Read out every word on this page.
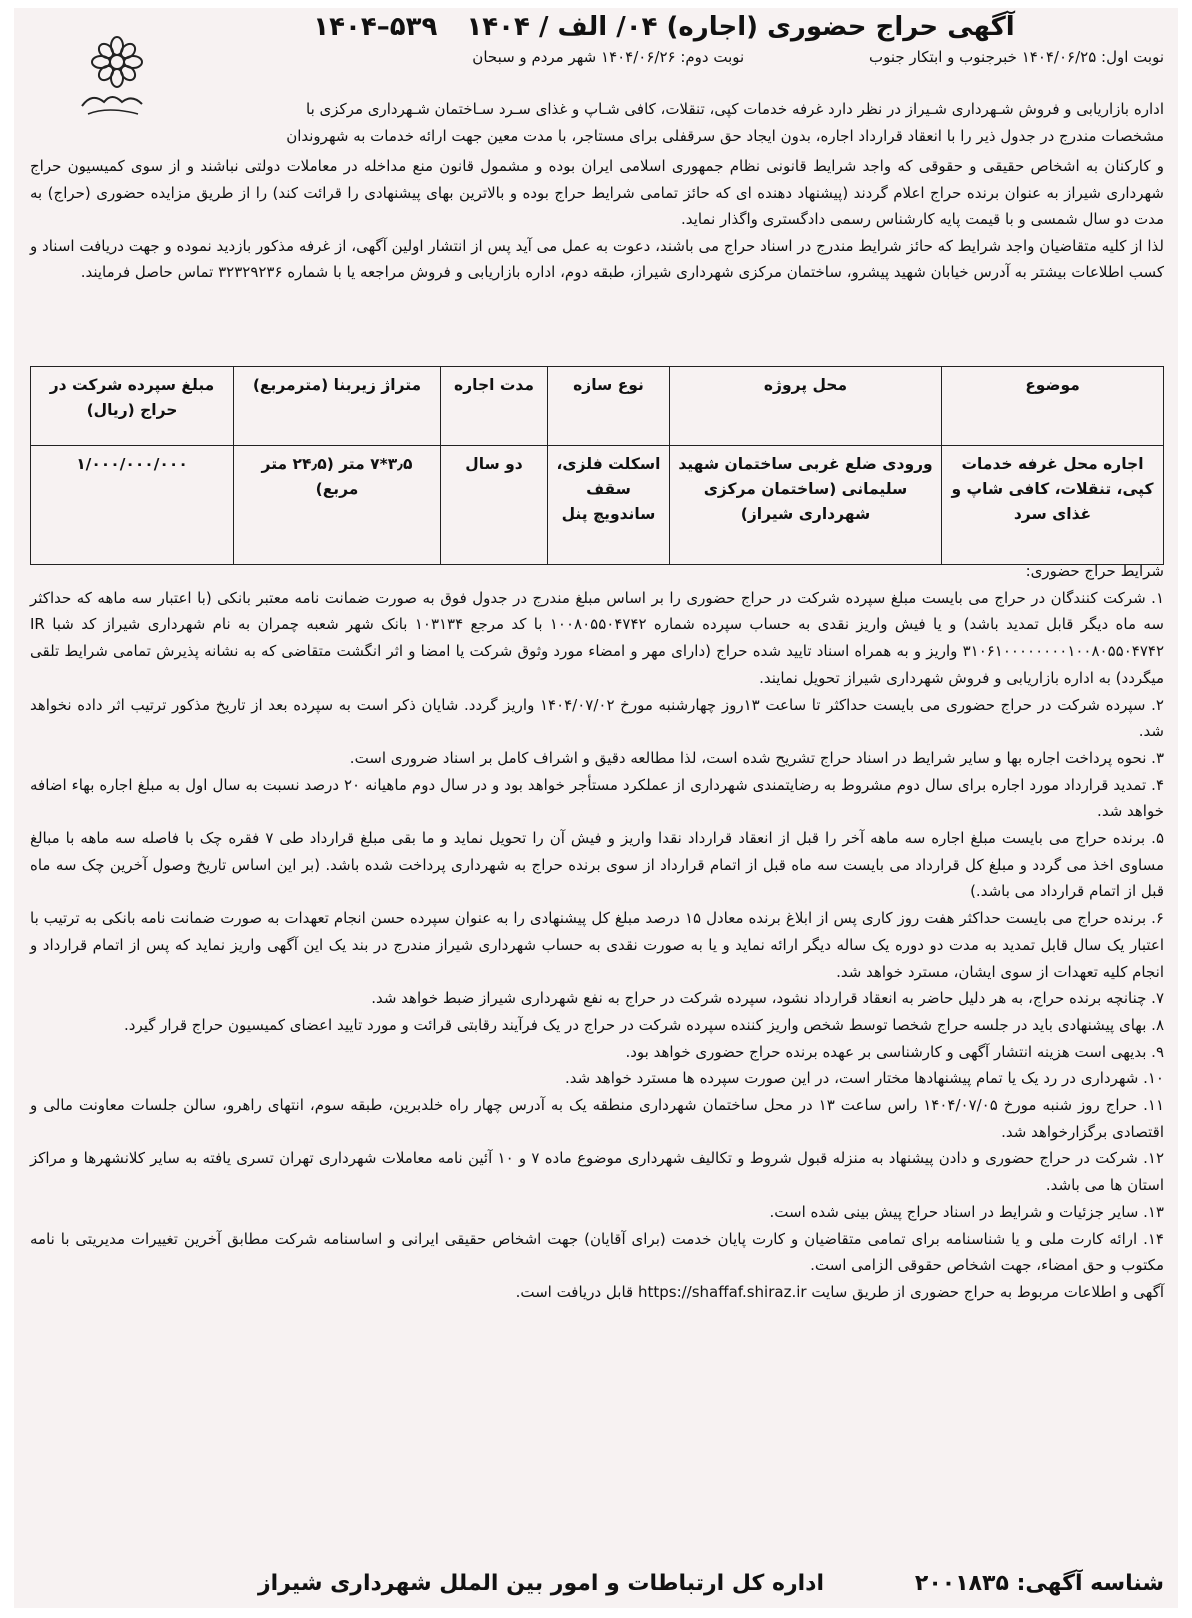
آگهی حراج حضوری (اجاره) ۰۴/ الف / ۱۴۰۴ ۵۳۹–۱۴۰۴
نوبت اول: ۱۴۰۴/۰۶/۲۵ خبرجنوب و ابتکار جنوب نوبت دوم: ۱۴۰۴/۰۶/۲۶ شهر مردم و سبحان

اداره بازاریابی و فروش شـهرداری شـیراز در نظر دارد غرفه خدمات کپی، تنقلات، کافی شـاپ و غذای سـرد سـاختمان شـهرداری مرکزی با

مشخصات مندرج در جدول ذیر را با انعقاد قرارداد اجاره، بدون ایجاد حق سرقفلی برای مستاجر، با مدت معین جهت ارائه خدمات به شهروندان

و کارکنان به اشخاص حقیقی و حقوقی که واجد شرایط قانونی نظام جمهوری اسلامی ایران بوده و مشمول قانون منع مداخله در معاملات دولتی نباشند و از سوی کمیسیون حراج شهرداری شیراز به عنوان برنده حراج اعلام گردند (پیشنهاد دهنده ای که حائز تمامی شرایط حراج بوده و بالاترین بهای پیشنهادی را قرائت کند) را از طریق مزایده حضوری (حراج) به مدت دو سال شمسی و با قیمت پایه کارشناس رسمی دادگستری واگذار نماید.

لذا از کلیه متقاضیان واجد شرایط که حائز شرایط مندرج در اسناد حراج می باشند، دعوت به عمل می آید پس از انتشار اولین آگهی، از غرفه مذکور بازدید نموده و جهت دریافت اسناد و کسب اطلاعات بیشتر به آدرس خیابان شهید پیشرو، ساختمان مرکزی شهرداری شیراز، طبقه دوم، اداره بازاریابی و فروش مراجعه یا با شماره ۳۲۳۲۹۲۳۶ تماس حاصل فرمایند.

موضوع	محل پروژه	نوع سازه	مدت اجاره	متراژ زیربنا (مترمربع)	مبلغ سپرده شرکت در حراج (ریال)
اجاره محل غرفه خدمات کپی، تنقلات، کافی شاپ و غذای سرد	ورودی ضلع غربی ساختمان شهید سلیمانی (ساختمان مرکزی شهرداری شیراز)	اسکلت فلزی، سقف ساندویچ پنل	دو سال	۳٫۵*۷ متر (۲۴٫۵ متر مربع)	۱/۰۰۰/۰۰۰/۰۰۰

شرایط حراج حضوری:

۱. شرکت کنندگان در حراج می بایست مبلغ سپرده شرکت در حراج حضوری را بر اساس مبلغ مندرج در جدول فوق به صورت ضمانت نامه معتبر بانکی (با اعتبار سه ماهه که حداکثر سه ماه دیگر قابل تمدید باشد) و یا فیش واریز نقدی به حساب سپرده شماره ۱۰۰۸۰۵۵۰۴۷۴۲ با کد مرجع ۱۰۳۱۳۴ بانک شهر شعبه چمران به نام شهرداری شیراز کد شبا IR ۳۱۰۶۱۰۰۰۰۰۰۰۰۱۰۰۸۰۵۵۰۴۷۴۲ واریز و به همراه اسناد تایید شده حراج (دارای مهر و امضاء مورد وثوق شرکت یا امضا و اثر انگشت متقاضی که به نشانه پذیرش تمامی شرایط تلقی میگردد) به اداره بازاریابی و فروش شهرداری شیراز تحویل نمایند.

۲. سپرده شرکت در حراج حضوری می بایست حداکثر تا ساعت ۱۳روز چهارشنبه مورخ ۱۴۰۴/۰۷/۰۲ واریز گردد. شایان ذکر است به سپرده بعد از تاریخ مذکور ترتیب اثر داده نخواهد شد.

۳. نحوه پرداخت اجاره بها و سایر شرایط در اسناد حراج تشریح شده است، لذا مطالعه دقیق و اشراف کامل بر اسناد ضروری است.

۴. تمدید قرارداد مورد اجاره برای سال دوم مشروط به رضایتمندی شهرداری از عملکرد مستأجر خواهد بود و در سال دوم ماهیانه ۲۰ درصد نسبت به سال اول به مبلغ اجاره بهاء اضافه خواهد شد.

۵. برنده حراج می بایست مبلغ اجاره سه ماهه آخر را قبل از انعقاد قرارداد نقدا واریز و فیش آن را تحویل نماید و ما بقی مبلغ قرارداد طی ۷ فقره چک با فاصله سه ماهه با مبالغ مساوی اخذ می گردد و مبلغ کل قرارداد می بایست سه ماه قبل از اتمام قرارداد از سوی برنده حراج به شهرداری پرداخت شده باشد. (بر این اساس تاریخ وصول آخرین چک سه ماه قبل از اتمام قرارداد می باشد.)

۶. برنده حراج می بایست حداکثر هفت روز کاری پس از ابلاغ برنده معادل ۱۵ درصد مبلغ کل پیشنهادی را به عنوان سپرده حسن انجام تعهدات به صورت ضمانت نامه بانکی به ترتیب با اعتبار یک سال قابل تمدید به مدت دو دوره یک ساله دیگر ارائه نماید و یا به صورت نقدی به حساب شهرداری شیراز مندرج در بند یک این آگهی واریز نماید که پس از اتمام قرارداد و انجام کلیه تعهدات از سوی ایشان، مسترد خواهد شد.

۷. چنانچه برنده حراج، به هر دلیل حاضر به انعقاد قرارداد نشود، سپرده شرکت در حراج به نفع شهرداری شیراز ضبط خواهد شد.

۸. بهای پیشنهادی باید در جلسه حراج شخصا توسط شخص واریز کننده سپرده شرکت در حراج در یک فرآیند رقابتی قرائت و مورد تایید اعضای کمیسیون حراج قرار گیرد.

۹. بدیهی است هزینه انتشار آگهی و کارشناسی بر عهده برنده حراج حضوری خواهد بود.

۱۰. شهرداری در رد یک یا تمام پیشنهادها مختار است، در این صورت سپرده ها مسترد خواهد شد.

۱۱. حراج روز شنبه مورخ ۱۴۰۴/۰۷/۰۵ راس ساعت ۱۳ در محل ساختمان شهرداری منطقه یک به آدرس چهار راه خلدبرین، طبقه سوم، انتهای راهرو، سالن جلسات معاونت مالی و اقتصادی برگزارخواهد شد.

۱۲. شرکت در حراج حضوری و دادن پیشنهاد به منزله قبول شروط و تکالیف شهرداری موضوع ماده ۷ و ۱۰ آئین نامه معاملات شهرداری تهران تسری یافته به سایر کلانشهرها و مراکز استان ها می باشد.

۱۳. سایر جزئیات و شرایط در اسناد حراج پیش بینی شده است.

۱۴. ارائه کارت ملی و یا شناسنامه برای تمامی متقاضیان و کارت پایان خدمت (برای آقایان) جهت اشخاص حقیقی ایرانی و اساسنامه شرکت مطابق آخرین تغییرات مدیریتی با نامه مکتوب و حق امضاء، جهت اشخاص حقوقی الزامی است.

آگهی و اطلاعات مربوط به حراج حضوری از طریق سایت https://shaffaf.shiraz.ir قابل دریافت است.

شناسه آگهی: ۲۰۰۱۸۳۵
اداره کل ارتباطات و امور بین الملل شهرداری شیراز
